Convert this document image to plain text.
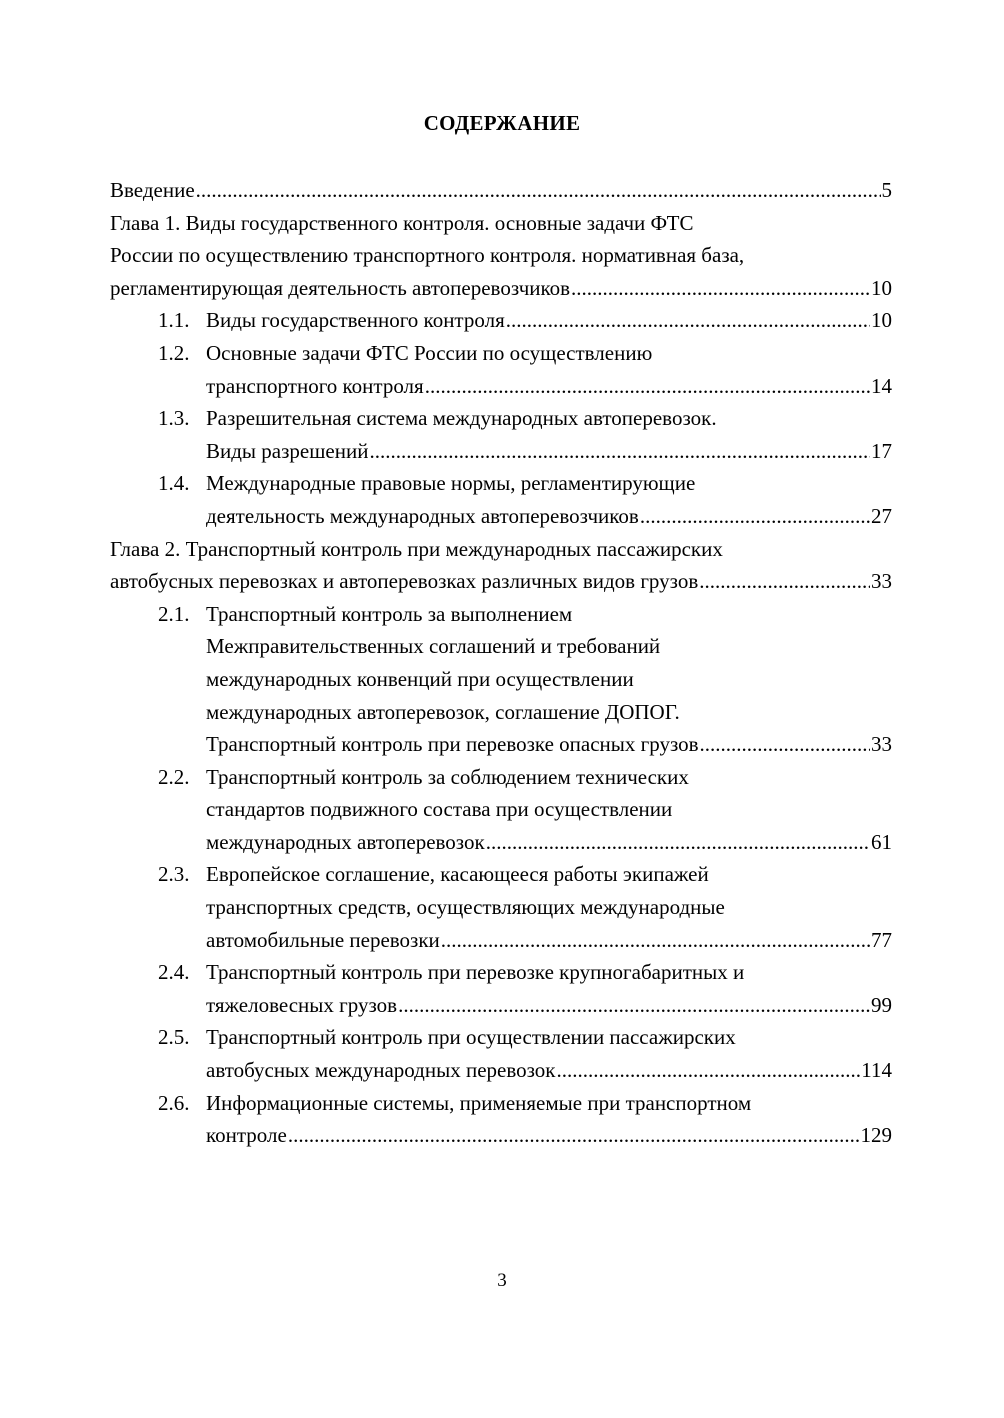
СОДЕРЖАНИЕ
Введение .....	5
Глава 1. Виды государственного контроля. основные задачи ФТС
России по осуществлению транспортного контроля. нормативная база,
регламентирующая деятельность автоперевозчиков .....	10
1.1. Виды государственного контроля .....	10
1.2. Основные задачи ФТС России по осуществлению
транспортного контроля .....	14
1.3. Разрешительная система международных автоперевозок.
Виды разрешений .....	17
1.4. Международные правовые нормы, регламентирующие
деятельность международных автоперевозчиков .....	27
Глава 2. Транспортный контроль при международных пассажирских
автобусных перевозках и автоперевозках различных видов грузов .....	33
2.1. Транспортный контроль за выполнением
Межправительственных соглашений и требований
международных конвенций при осуществлении
международных автоперевозок, соглашение ДОПОГ.
Транспортный контроль при перевозке опасных грузов .....	33
2.2. Транспортный контроль за соблюдением технических
стандартов подвижного состава при осуществлении
международных автоперевозок .....	61
2.3. Европейское соглашение, касающееся работы экипажей
транспортных средств, осуществляющих международные
автомобильные перевозки .....	77
2.4. Транспортный контроль при перевозке крупногабаритных и
тяжеловесных грузов .....	99
2.5. Транспортный контроль при осуществлении пассажирских
автобусных международных перевозок .....	114
2.6. Информационные системы, применяемые при транспортном
контроле .....	129
3
